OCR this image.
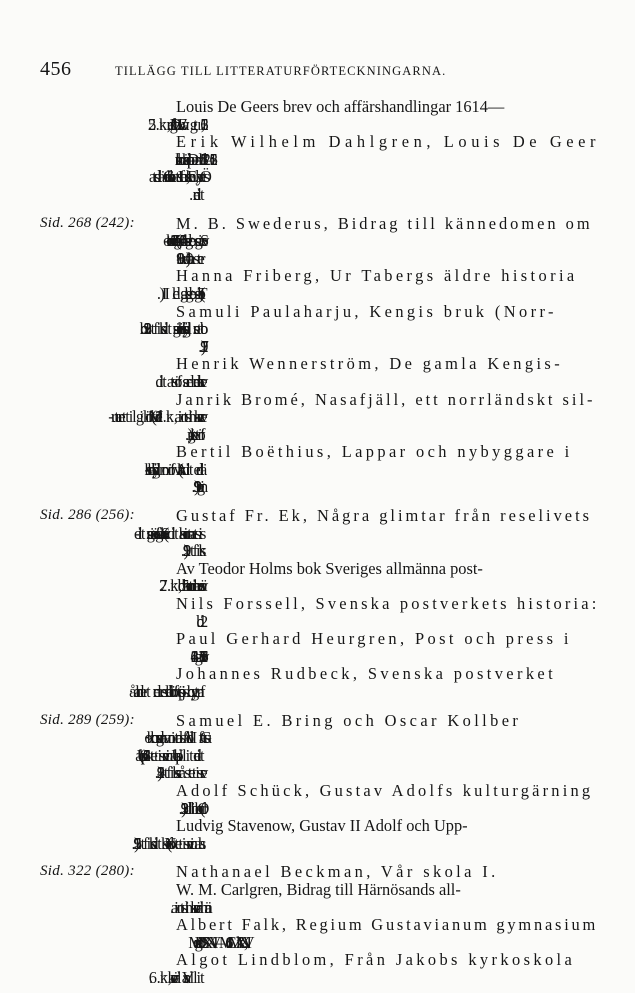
456	TILLÄGG TILL LITTERATURFÖRTECKNINGARNA.
Louis De Geers brev och affärshandlingar 1614—
Erik Wilhelm Dahlgren, Louis De Geer
Sid. 268 (242):	M. B. Swederus, Bidrag till kännedomen om
Hanna Friberg, Ur Tabergs äldre historia
Samuli Paulaharju, Kengis bruk (Norr-
Henrik Wennerström, De gamla Kengis-
Janrik Bromé, Nasafjäll, ett norrländskt sil-
Bertil Boëthius, Lappar och nybyggare i
Sid. 286 (256):	Gustaf Fr. Ek, Några glimtar från reselivets
Av Teodor Holms bok Sveriges allmänna post-
Nils Forssell, Svenska postverkets historia:
Paul Gerhard Heurgren, Post och press i
Johannes Rudbeck, Svenska postverket
Sid. 289 (259):	Samuel E. Bring och Oscar Kollber
Adolf Schück, Gustav Adolfs kulturgärning
Ludvig Stavenow, Gustav II Adolf och Upp-
Sid. 322 (280):	Nathanael Beckman, Vår skola I.
W. M. Carlgren, Bidrag till Härnösands all-
Albert Falk, Regium Gustavianum gymnasium
Strengnense MDCXXVI—MCMXXVI, kr. 16.
Algot Lindblom, Från Jakobs kyrkoskola
